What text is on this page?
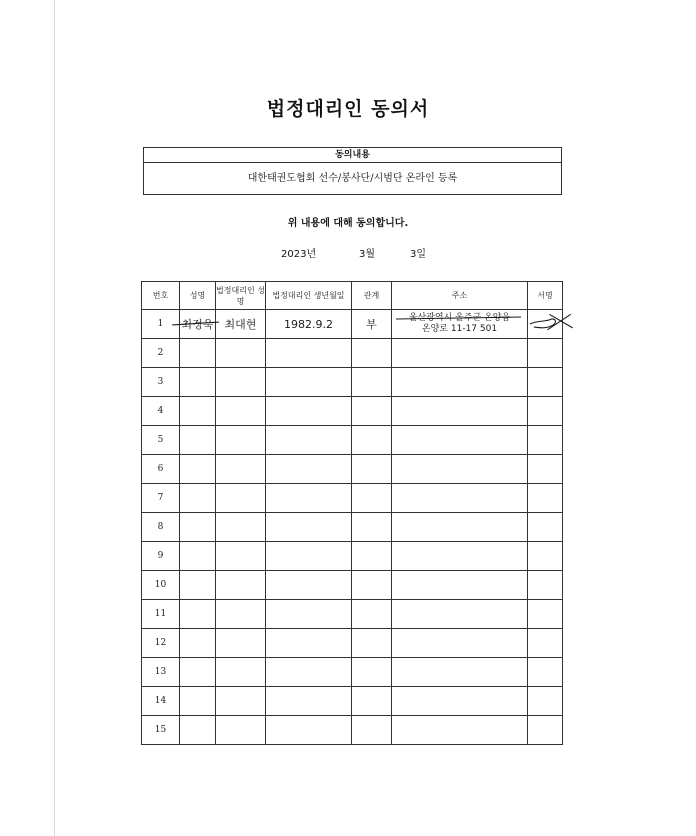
법정대리인 동의서
동의내용
대한태권도협회 선수/봉사단/시범단 온라인 등록
위 내용에 대해 동의합니다.
2023년	3월	3일
번호	성명	법정대리인 성명	법정대리인 생년월일	관계	주소	서명
1	최정욱	최대현	1982.9.2	부	울산광역시 울주군 온양읍
온양로 11-17 501

2						
3						
4						
5						
6						
7						
8						
9						
10						
11						
12						
13						
14						
15						
